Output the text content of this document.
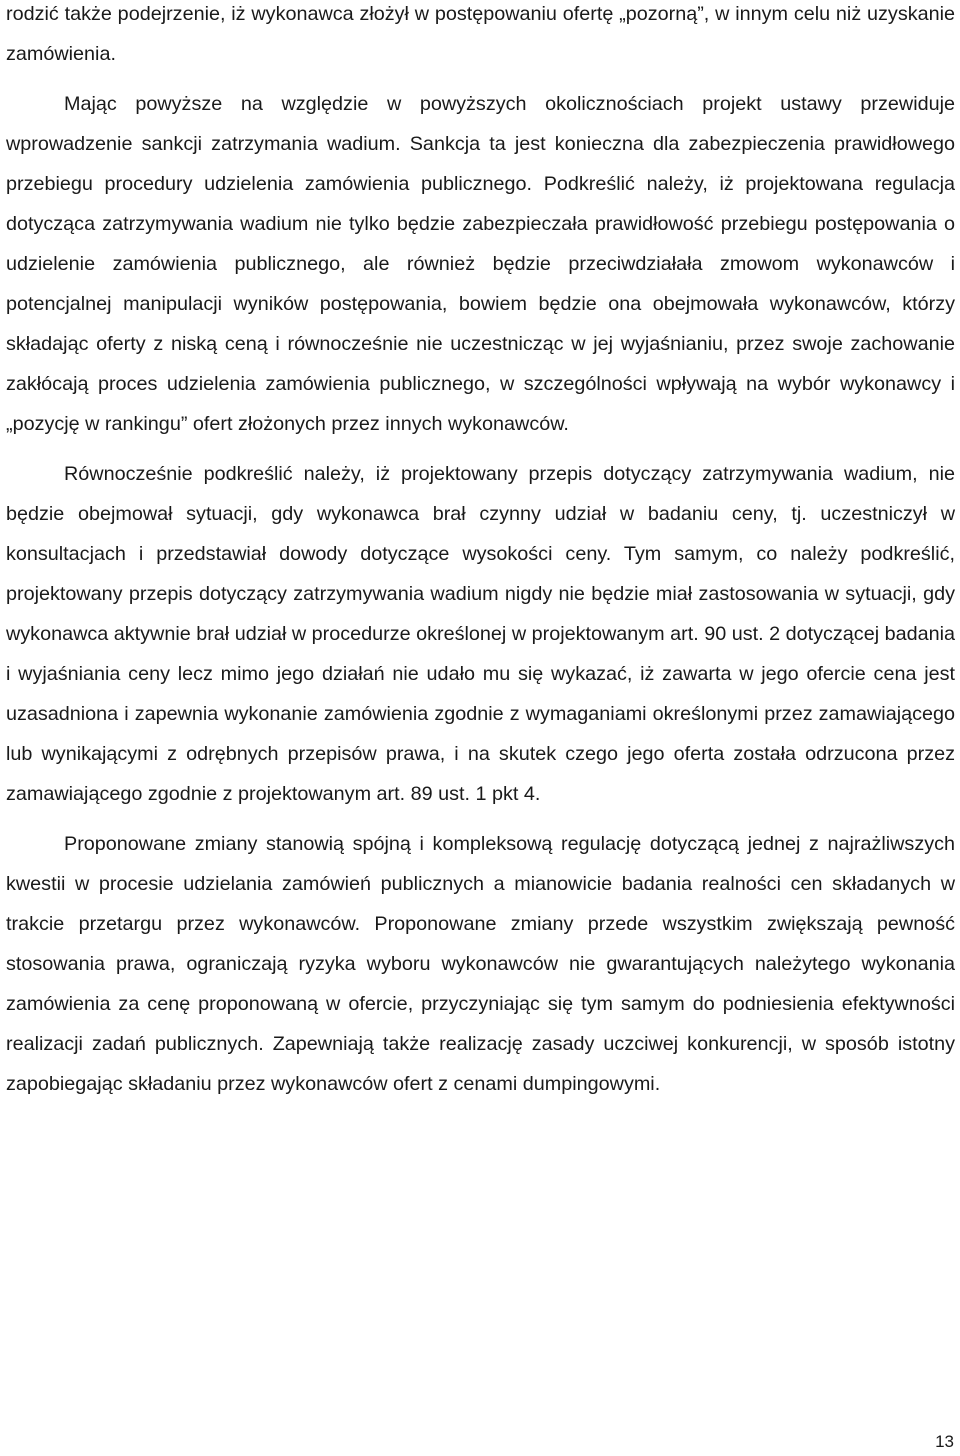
rodzić także podejrzenie, iż wykonawca złożył w postępowaniu ofertę „pozorną”, w innym celu niż uzyskanie zamówienia.

Mając powyższe na względzie w powyższych okolicznościach projekt ustawy przewiduje wprowadzenie sankcji zatrzymania wadium. Sankcja ta jest konieczna dla zabezpieczenia prawidłowego przebiegu procedury udzielenia zamówienia publicznego. Podkreślić należy, iż projektowana regulacja dotycząca zatrzymywania wadium nie tylko będzie zabezpieczała prawidłowość przebiegu postępowania o udzielenie zamówienia publicznego, ale również będzie przeciwdziałała zmowom wykonawców i potencjalnej manipulacji wyników postępowania, bowiem będzie ona obejmowała wykonawców, którzy składając oferty z niską ceną i równocześnie nie uczestnicząc w jej wyjaśnianiu, przez swoje zachowanie zakłócają proces udzielenia zamówienia publicznego, w szczególności wpływają na wybór wykonawcy i „pozycję w rankingu” ofert złożonych przez innych wykonawców.

Równocześnie podkreślić należy, iż projektowany przepis dotyczący zatrzymywania wadium, nie będzie obejmował sytuacji, gdy wykonawca brał czynny udział w badaniu ceny, tj. uczestniczył w konsultacjach i przedstawiał dowody dotyczące wysokości ceny. Tym samym, co należy podkreślić, projektowany przepis dotyczący zatrzymywania wadium nigdy nie będzie miał zastosowania w sytuacji, gdy wykonawca aktywnie brał udział w procedurze określonej w projektowanym art. 90 ust. 2 dotyczącej badania i wyjaśniania ceny lecz mimo jego działań nie udało mu się wykazać, iż zawarta w jego ofercie cena jest uzasadniona i zapewnia wykonanie zamówienia zgodnie z wymaganiami określonymi przez zamawiającego lub wynikającymi z odrębnych przepisów prawa, i na skutek czego jego oferta została odrzucona przez zamawiającego zgodnie z projektowanym art. 89 ust. 1 pkt 4.

Proponowane zmiany stanowią spójną i kompleksową regulację dotyczącą jednej z najrażliwszych kwestii w procesie udzielania zamówień publicznych a mianowicie badania realności cen składanych w trakcie przetargu przez wykonawców. Proponowane zmiany przede wszystkim zwiększają pewność stosowania prawa, ograniczają ryzyka wyboru wykonawców nie gwarantujących należytego wykonania zamówienia za cenę proponowaną w ofercie, przyczyniając się tym samym do podniesienia efektywności realizacji zadań publicznych. Zapewniają także realizację zasady uczciwej konkurencji, w sposób istotny zapobiegając składaniu przez wykonawców ofert z cenami dumpingowymi.

13
